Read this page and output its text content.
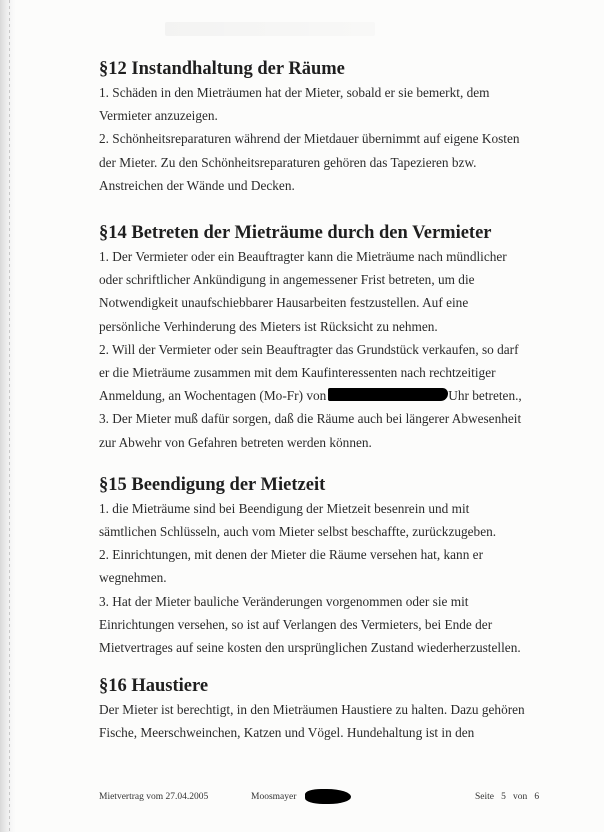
§12 Instandhaltung der Räume

1. Schäden in den Mieträumen hat der Mieter, sobald er sie bemerkt, dem
Vermieter anzuzeigen.
2. Schönheitsreparaturen während der Mietdauer übernimmt auf eigene Kosten
der Mieter. Zu den Schönheitsreparaturen gehören das Tapezieren bzw.
Anstreichen der Wände und Decken.

§14 Betreten der Mieträume durch den Vermieter

1. Der Vermieter oder ein Beauftragter kann die Mieträume nach mündlicher
oder schriftlicher Ankündigung in angemessener Frist betreten, um die
Notwendigkeit unaufschiebbarer Hausarbeiten festzustellen. Auf eine
persönliche Verhinderung des Mieters ist Rücksicht zu nehmen.
2. Will der Vermieter oder sein Beauftragter das Grundstück verkaufen, so darf
er die Mieträume zusammen mit dem Kaufinteressenten nach rechtzeitiger
Anmeldung, an Wochentagen (Mo-Fr) von	Uhr betreten.,
3. Der Mieter muß dafür sorgen, daß die Räume auch bei längerer Abwesenheit
zur Abwehr von Gefahren betreten werden können.

§15 Beendigung der Mietzeit

1. die Mieträume sind bei Beendigung der Mietzeit besenrein und mit
sämtlichen Schlüsseln, auch vom Mieter selbst beschaffte, zurückzugeben.
2. Einrichtungen, mit denen der Mieter die Räume versehen hat, kann er
wegnehmen.
3. Hat der Mieter bauliche Veränderungen vorgenommen oder sie mit
Einrichtungen versehen, so ist auf Verlangen des Vermieters, bei Ende der
Mietvertrages auf seine kosten den ursprünglichen Zustand wiederherzustellen.

§16 Haustiere

Der Mieter ist berechtigt, in den Mieträumen Haustiere zu halten. Dazu gehören
Fische, Meerschweinchen, Katzen und Vögel. Hundehaltung ist in den

Mietvertrag vom 27.04.2005	Moosmayer	Seite   5   von   6
